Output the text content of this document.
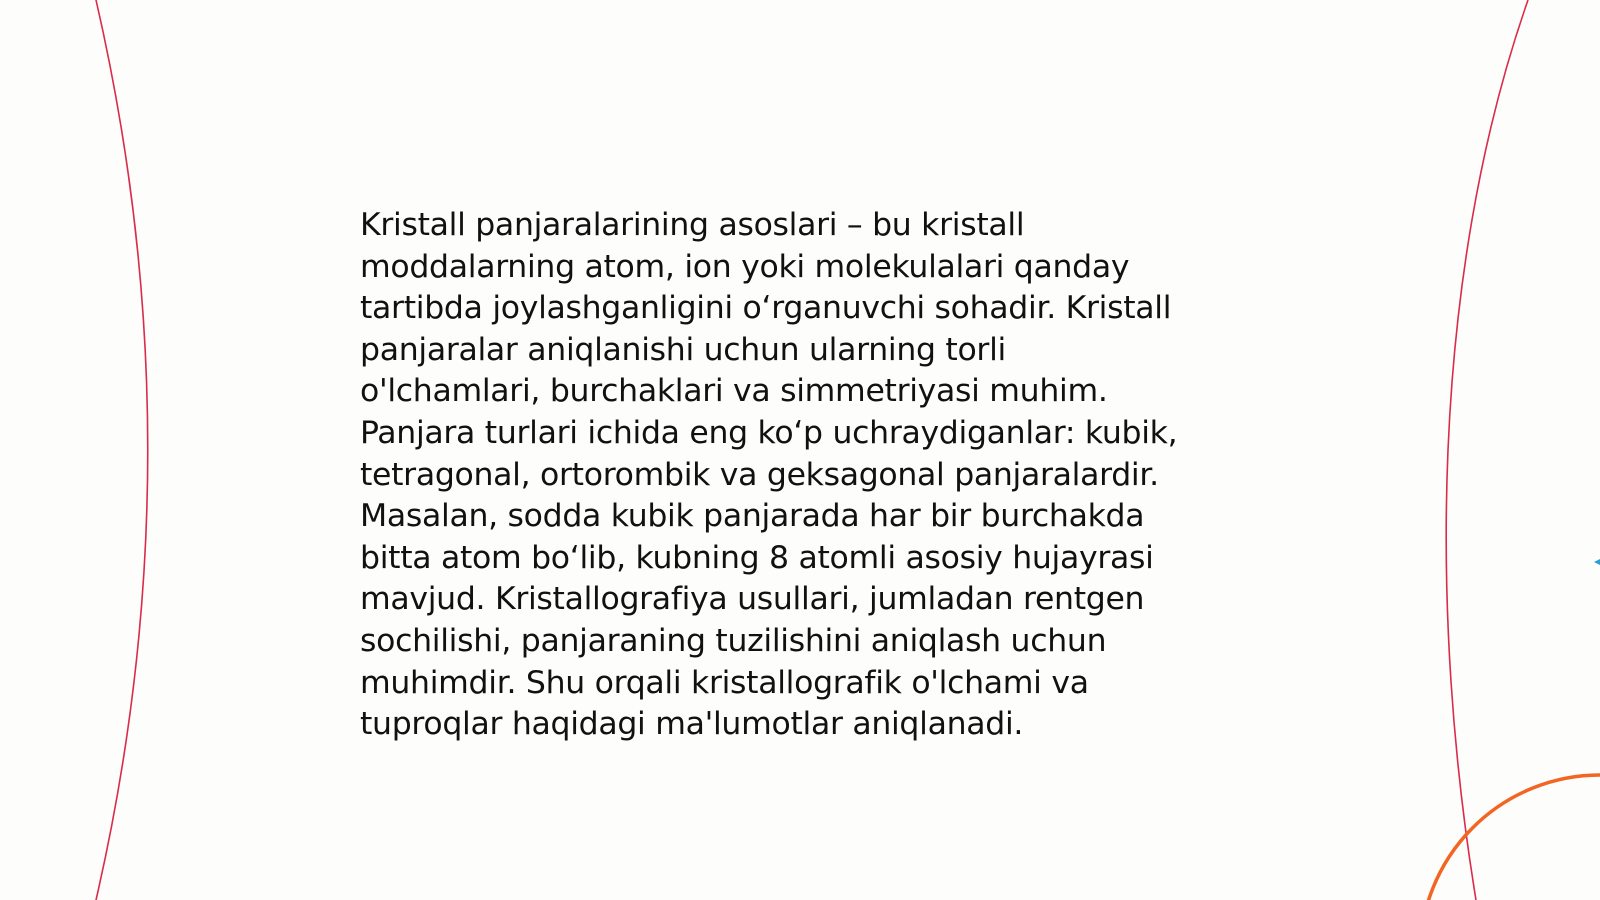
Kristall panjaralarining asoslari – bu kristall
moddalarning atom, ion yoki molekulalari qanday
tartibda joylashganligini o‘rganuvchi sohadir. Kristall
panjaralar aniqlanishi uchun ularning torli
o'lchamlari, burchaklari va simmetriyasi muhim.
Panjara turlari ichida eng ko‘p uchraydiganlar: kubik,
tetragonal, ortorombik va geksagonal panjaralardir.
Masalan, sodda kubik panjarada har bir burchakda
bitta atom bo‘lib, kubning 8 atomli asosiy hujayrasi
mavjud. Kristallografiya usullari, jumladan rentgen
sochilishi, panjaraning tuzilishini aniqlash uchun
muhimdir. Shu orqali kristallografik o'lchami va
tuproqlar haqidagi ma'lumotlar aniqlanadi.
